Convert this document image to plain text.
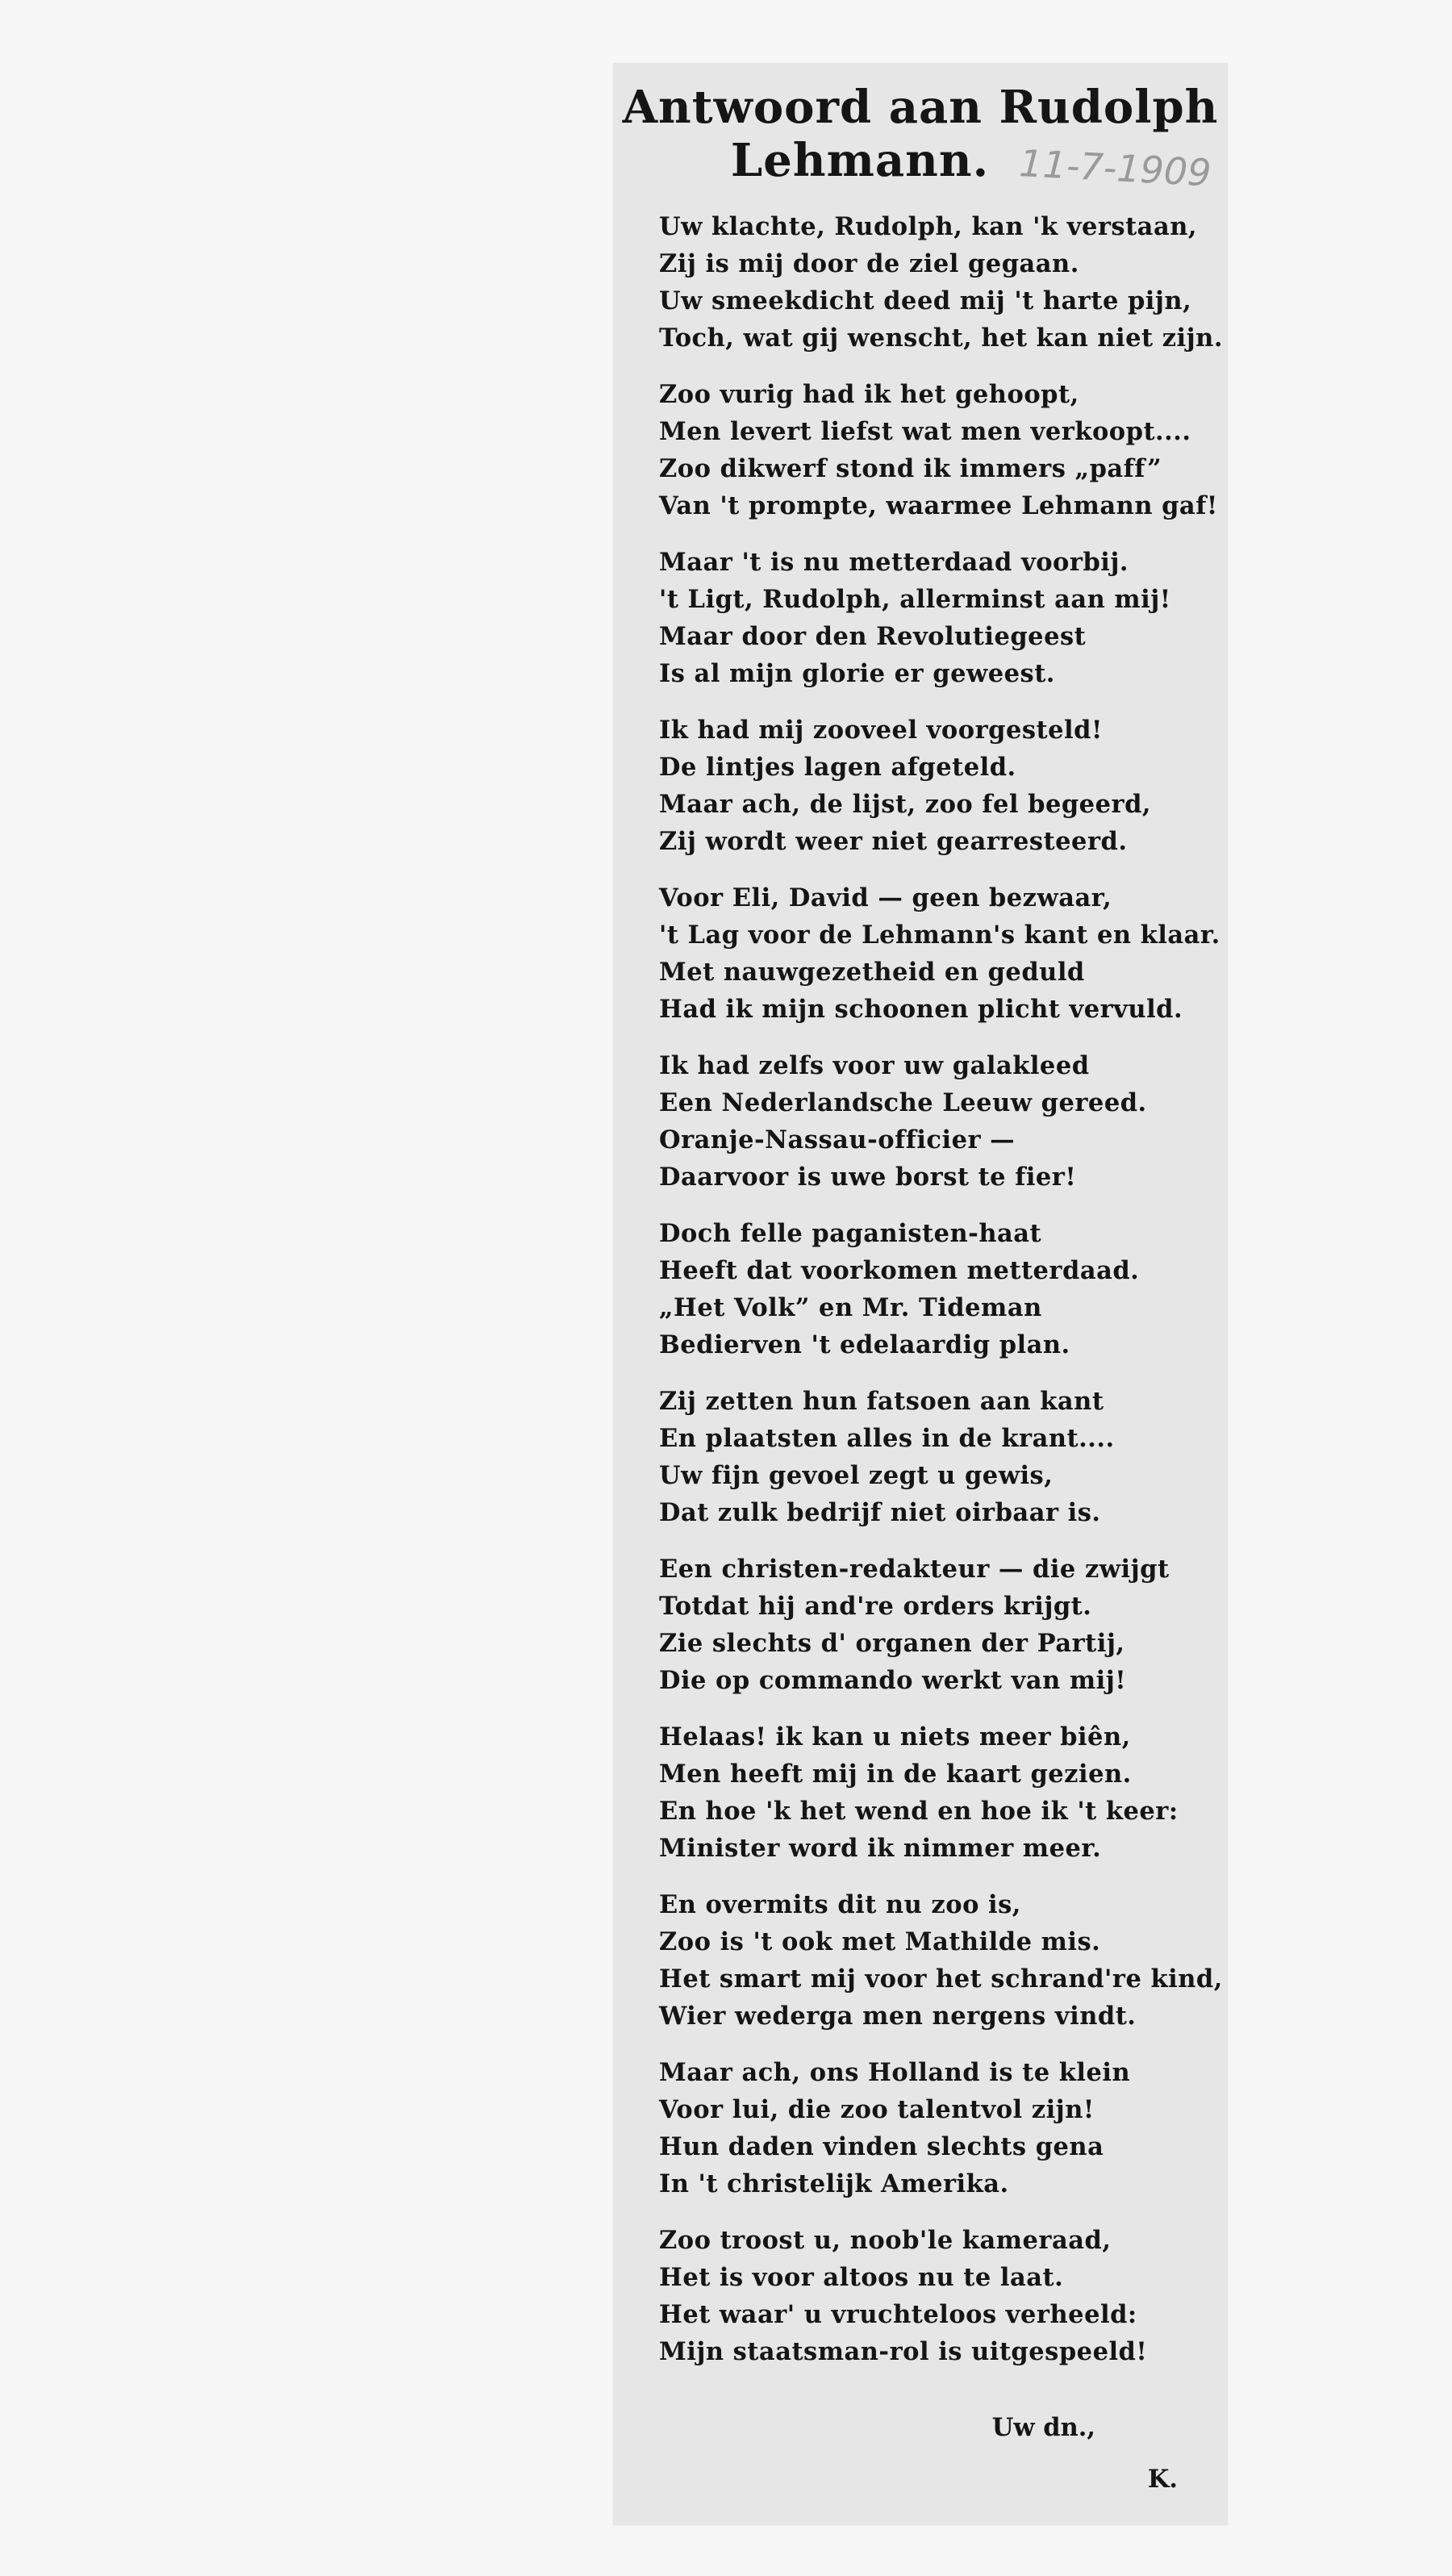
Antwoord aan Rudolph
Lehmann. 11-7-1909
Uw klachte, Rudolph, kan 'k verstaan,
Zij is mij door de ziel gegaan.
Uw smeekdicht deed mij 't harte pijn,
Toch, wat gij wenscht, het kan niet zijn.
Zoo vurig had ik het gehoopt,
Men levert liefst wat men verkoopt....
Zoo dikwerf stond ik immers „paff”
Van 't prompte, waarmee Lehmann gaf!
Maar 't is nu metterdaad voorbij.
't Ligt, Rudolph, allerminst aan mij!
Maar door den Revolutiegeest
Is al mijn glorie er geweest.
Ik had mij zooveel voorgesteld!
De lintjes lagen afgeteld.
Maar ach, de lijst, zoo fel begeerd,
Zij wordt weer niet gearresteerd.
Voor Eli, David — geen bezwaar,
't Lag voor de Lehmann's kant en klaar.
Met nauwgezetheid en geduld
Had ik mijn schoonen plicht vervuld.
Ik had zelfs voor uw galakleed
Een Nederlandsche Leeuw gereed.
Oranje-Nassau-officier —
Daarvoor is uwe borst te fier!
Doch felle paganisten-haat
Heeft dat voorkomen metterdaad.
„Het Volk” en Mr. Tideman
Bedierven 't edelaardig plan.
Zij zetten hun fatsoen aan kant
En plaatsten alles in de krant....
Uw fijn gevoel zegt u gewis,
Dat zulk bedrijf niet oirbaar is.
Een christen-redakteur — die zwijgt
Totdat hij and're orders krijgt.
Zie slechts d' organen der Partij,
Die op commando werkt van mij!
Helaas! ik kan u niets meer biên,
Men heeft mij in de kaart gezien.
En hoe 'k het wend en hoe ik 't keer:
Minister word ik nimmer meer.
En overmits dit nu zoo is,
Zoo is 't ook met Mathilde mis.
Het smart mij voor het schrand're kind,
Wier wederga men nergens vindt.
Maar ach, ons Holland is te klein
Voor lui, die zoo talentvol zijn!
Hun daden vinden slechts gena
In 't christelijk Amerika.
Zoo troost u, noob'le kameraad,
Het is voor altoos nu te laat.
Het waar' u vruchteloos verheeld:
Mijn staatsman-rol is uitgespeeld!
Uw dn.,
K.
